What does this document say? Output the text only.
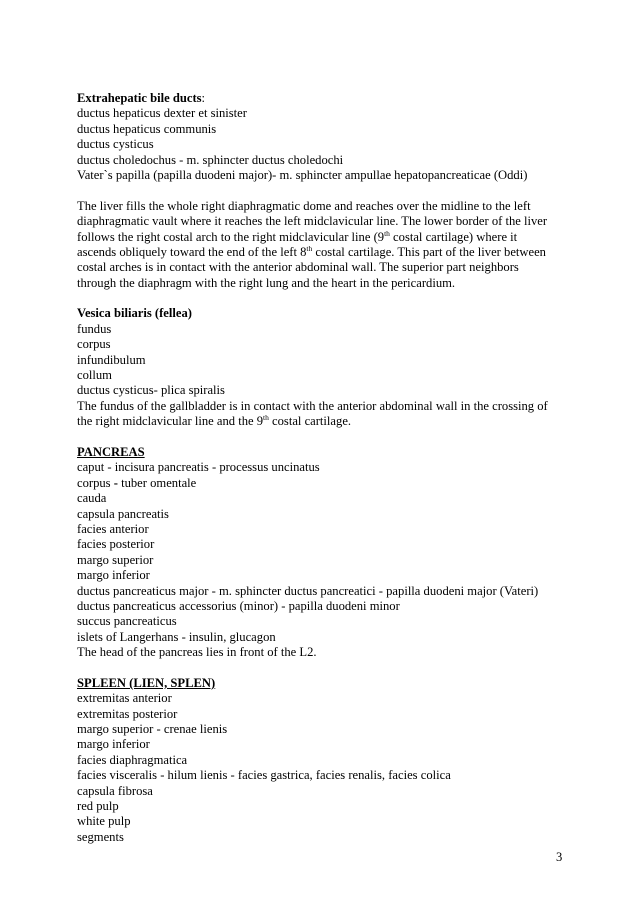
Extrahepatic bile ducts:
ductus hepaticus dexter et sinister
ductus hepaticus communis
ductus cysticus
ductus choledochus - m. sphincter ductus choledochi
Vater`s papilla (papilla duodeni major)- m. sphincter ampullae hepatopancreaticae (Oddi)
The liver fills the whole right diaphragmatic dome and reaches over the midline to the left
diaphragmatic vault where it reaches the left midclavicular line. The lower border of the liver
follows the right costal arch to the right midclavicular line (9th costal cartilage) where it
ascends obliquely toward the end of the left 8th costal cartilage. This part of the liver between
costal arches is in contact with the anterior abdominal wall. The superior part neighbors
through the diaphragm with the right lung and the heart in the pericardium.
Vesica biliaris (fellea)
fundus
corpus
infundibulum
collum
ductus cysticus- plica spiralis
The fundus of the gallbladder is in contact with the anterior abdominal wall in the crossing of
the right midclavicular line and the 9th costal cartilage.
PANCREAS
caput - incisura pancreatis - processus uncinatus
corpus - tuber omentale
cauda
capsula pancreatis
facies anterior
facies posterior
margo superior
margo inferior
ductus pancreaticus major - m. sphincter ductus pancreatici - papilla duodeni major (Vateri)
ductus pancreaticus accessorius (minor) - papilla duodeni minor
succus pancreaticus
islets of Langerhans - insulin, glucagon
The head of the pancreas lies in front of the L2.
SPLEEN (LIEN, SPLEN)
extremitas anterior
extremitas posterior
margo superior - crenae lienis
margo inferior
facies diaphragmatica
facies visceralis - hilum lienis - facies gastrica, facies renalis, facies colica
capsula fibrosa
red pulp
white pulp
segments
3
